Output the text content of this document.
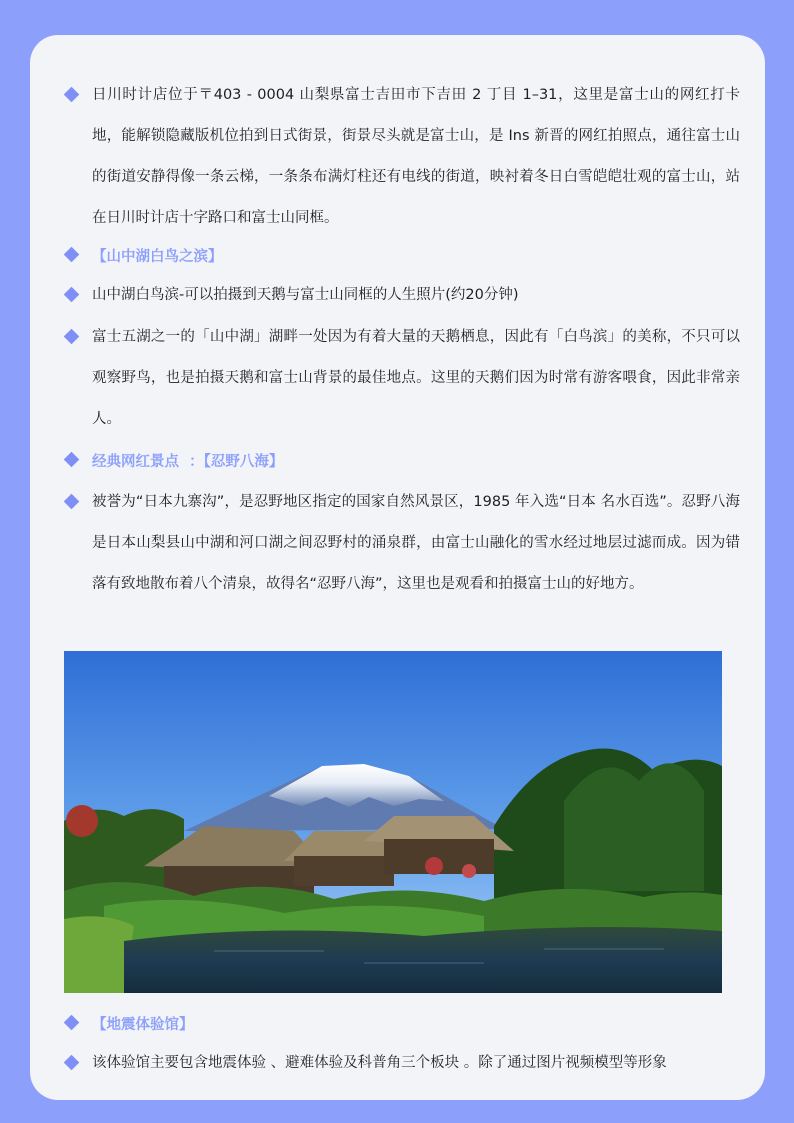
日川时计店位于〒403 - 0004 山梨県富士吉田市下吉田 2 丁目 1–31，这里是富士山的网红打卡地，能解锁隐藏版机位拍到日式街景，街景尽头就是富士山，是 Ins 新晋的网红拍照点，通往富士山的街道安静得像一条云梯，一条条布满灯柱还有电线的街道，映衬着冬日白雪皑皑壮观的富士山，站在日川时计店十字路口和富士山同框。
【山中湖白鸟之滨】
山中湖白鸟滨-可以拍摄到天鹅与富士山同框的人生照片(约20分钟)
富士五湖之一的「山中湖」湖畔一处因为有着大量的天鹅栖息，因此有「白鸟滨」的美称，不只可以观察野鸟，也是拍摄天鹅和富士山背景的最佳地点。这里的天鹅们因为时常有游客喂食，因此非常亲人。
经典网红景点  ：【忍野八海】
被誉为“日本九寨沟”，是忍野地区指定的国家自然风景区，1985 年入选“日本 名水百选”。忍野八海是日本山梨县山中湖和河口湖之间忍野村的涌泉群，由富士山融化的雪水经过地层过滤而成。因为错落有致地散布着八个清泉，故得名“忍野八海”，这里也是观看和拍摄富士山的好地方。
【地震体验馆】
该体验馆主要包含地震体验 、避难体验及科普角三个板块 。除了通过图片视频模型等形象
